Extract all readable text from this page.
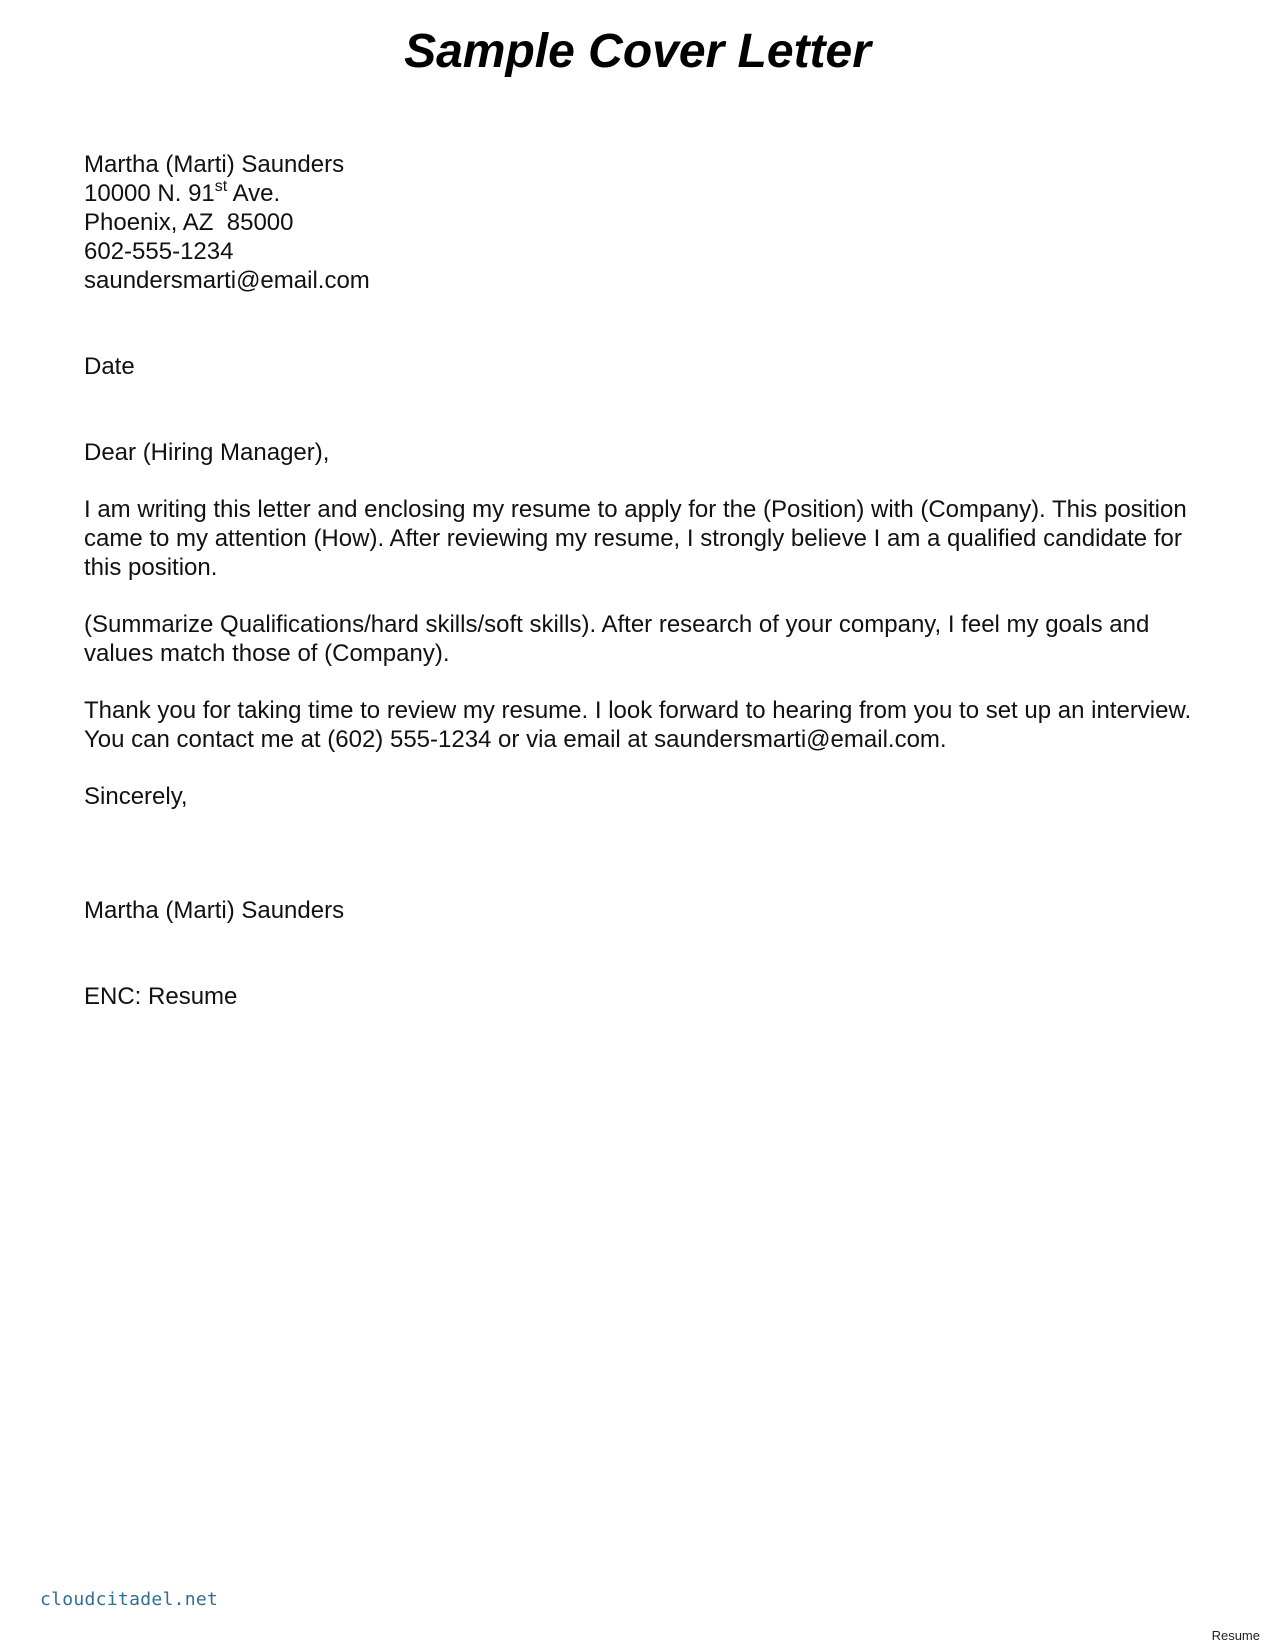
Sample Cover Letter
Martha (Marti) Saunders
10000 N. 91st Ave.
Phoenix, AZ  85000
602-555-1234
saundersmarti@email.com
Date
Dear (Hiring Manager),

I am writing this letter and enclosing my resume to apply for the (Position) with (Company). This position came to my attention (How). After reviewing my resume, I strongly believe I am a qualified candidate for this position.

(Summarize Qualifications/hard skills/soft skills). After research of your company, I feel my goals and values match those of (Company).

Thank you for taking time to review my resume. I look forward to hearing from you to set up an interview.  You can contact me at (602) 555-1234 or via email at saundersmarti@email.com.

Sincerely,
Martha (Marti) Saunders
ENC: Resume
cloudcitadel.net
Resume
